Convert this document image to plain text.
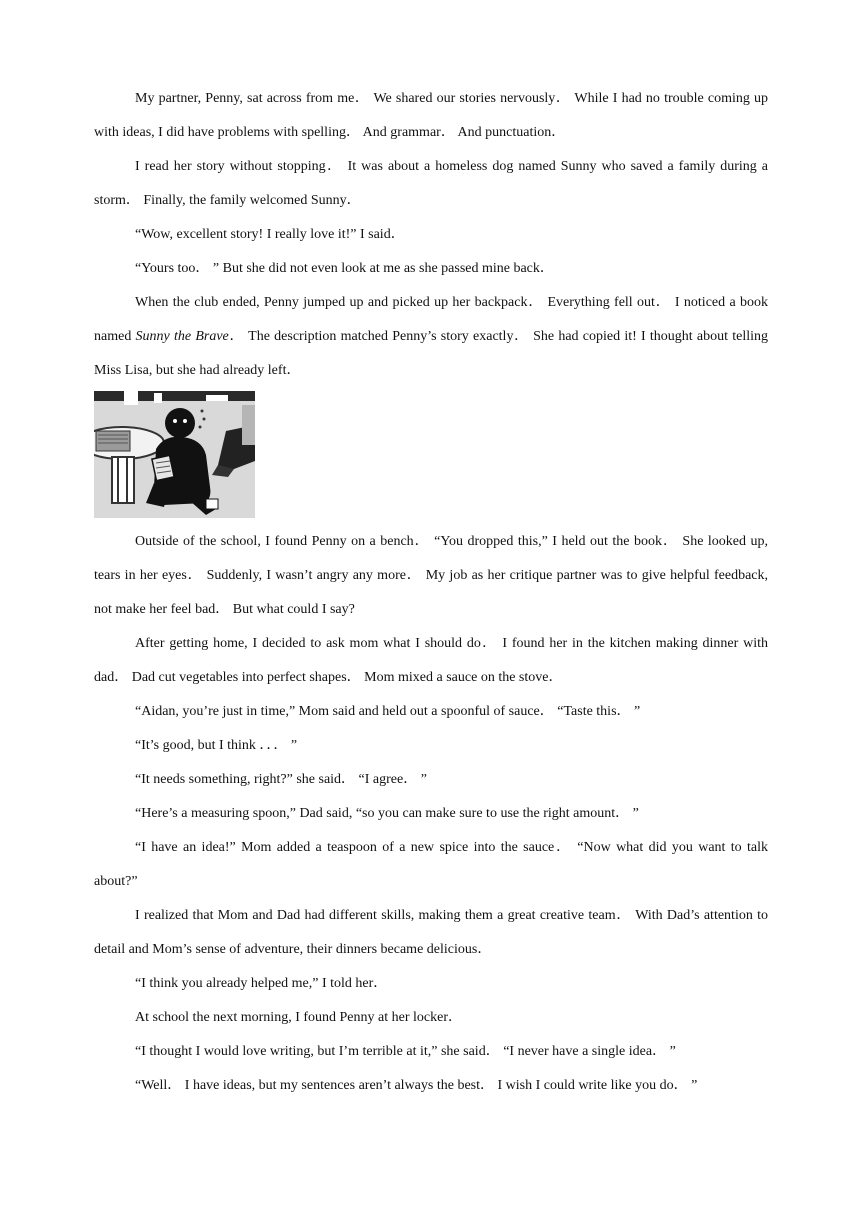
My partner, Penny, sat across from me． We shared our stories nervously． While I had no trouble coming up with ideas, I did have problems with spelling． And grammar． And punctuation．

I read her story without stopping． It was about a homeless dog named Sunny who saved a family during a storm． Finally, the family welcomed Sunny．

“Wow, excellent story! I really love it!” I said．

“Yours too． ” But she did not even look at me as she passed mine back．

When the club ended, Penny jumped up and picked up her backpack． Everything fell out． I noticed a book named Sunny the Brave． The description matched Penny’s story exactly． She had copied it! I thought about telling Miss Lisa, but she had already left．

Outside of the school, I found Penny on a bench． “You dropped this,” I held out the book． She looked up, tears in her eyes． Suddenly, I wasn’t angry any more． My job as her critique partner was to give helpful feedback, not make her feel bad． But what could I say?

After getting home, I decided to ask mom what I should do． I found her in the kitchen making dinner with dad． Dad cut vegetables into perfect shapes． Mom mixed a sauce on the stove．

“Aidan, you’re just in time,” Mom said and held out a spoonful of sauce． “Taste this． ”

“It’s good, but I think ．．． ”

“It needs something, right?” she said． “I agree． ”

“Here’s a measuring spoon,” Dad said, “so you can make sure to use the right amount． ”

“I have an idea!” Mom added a teaspoon of a new spice into the sauce． “Now what did you want to talk about?”

I realized that Mom and Dad had different skills, making them a great creative team． With Dad’s attention to detail and Mom’s sense of adventure, their dinners became delicious．

“I think you already helped me,” I told her．

At school the next morning, I found Penny at her locker．

“I thought I would love writing, but I’m terrible at it,” she said． “I never have a single idea． ”

“Well． I have ideas, but my sentences aren’t always the best． I wish I could write like you do． ”
